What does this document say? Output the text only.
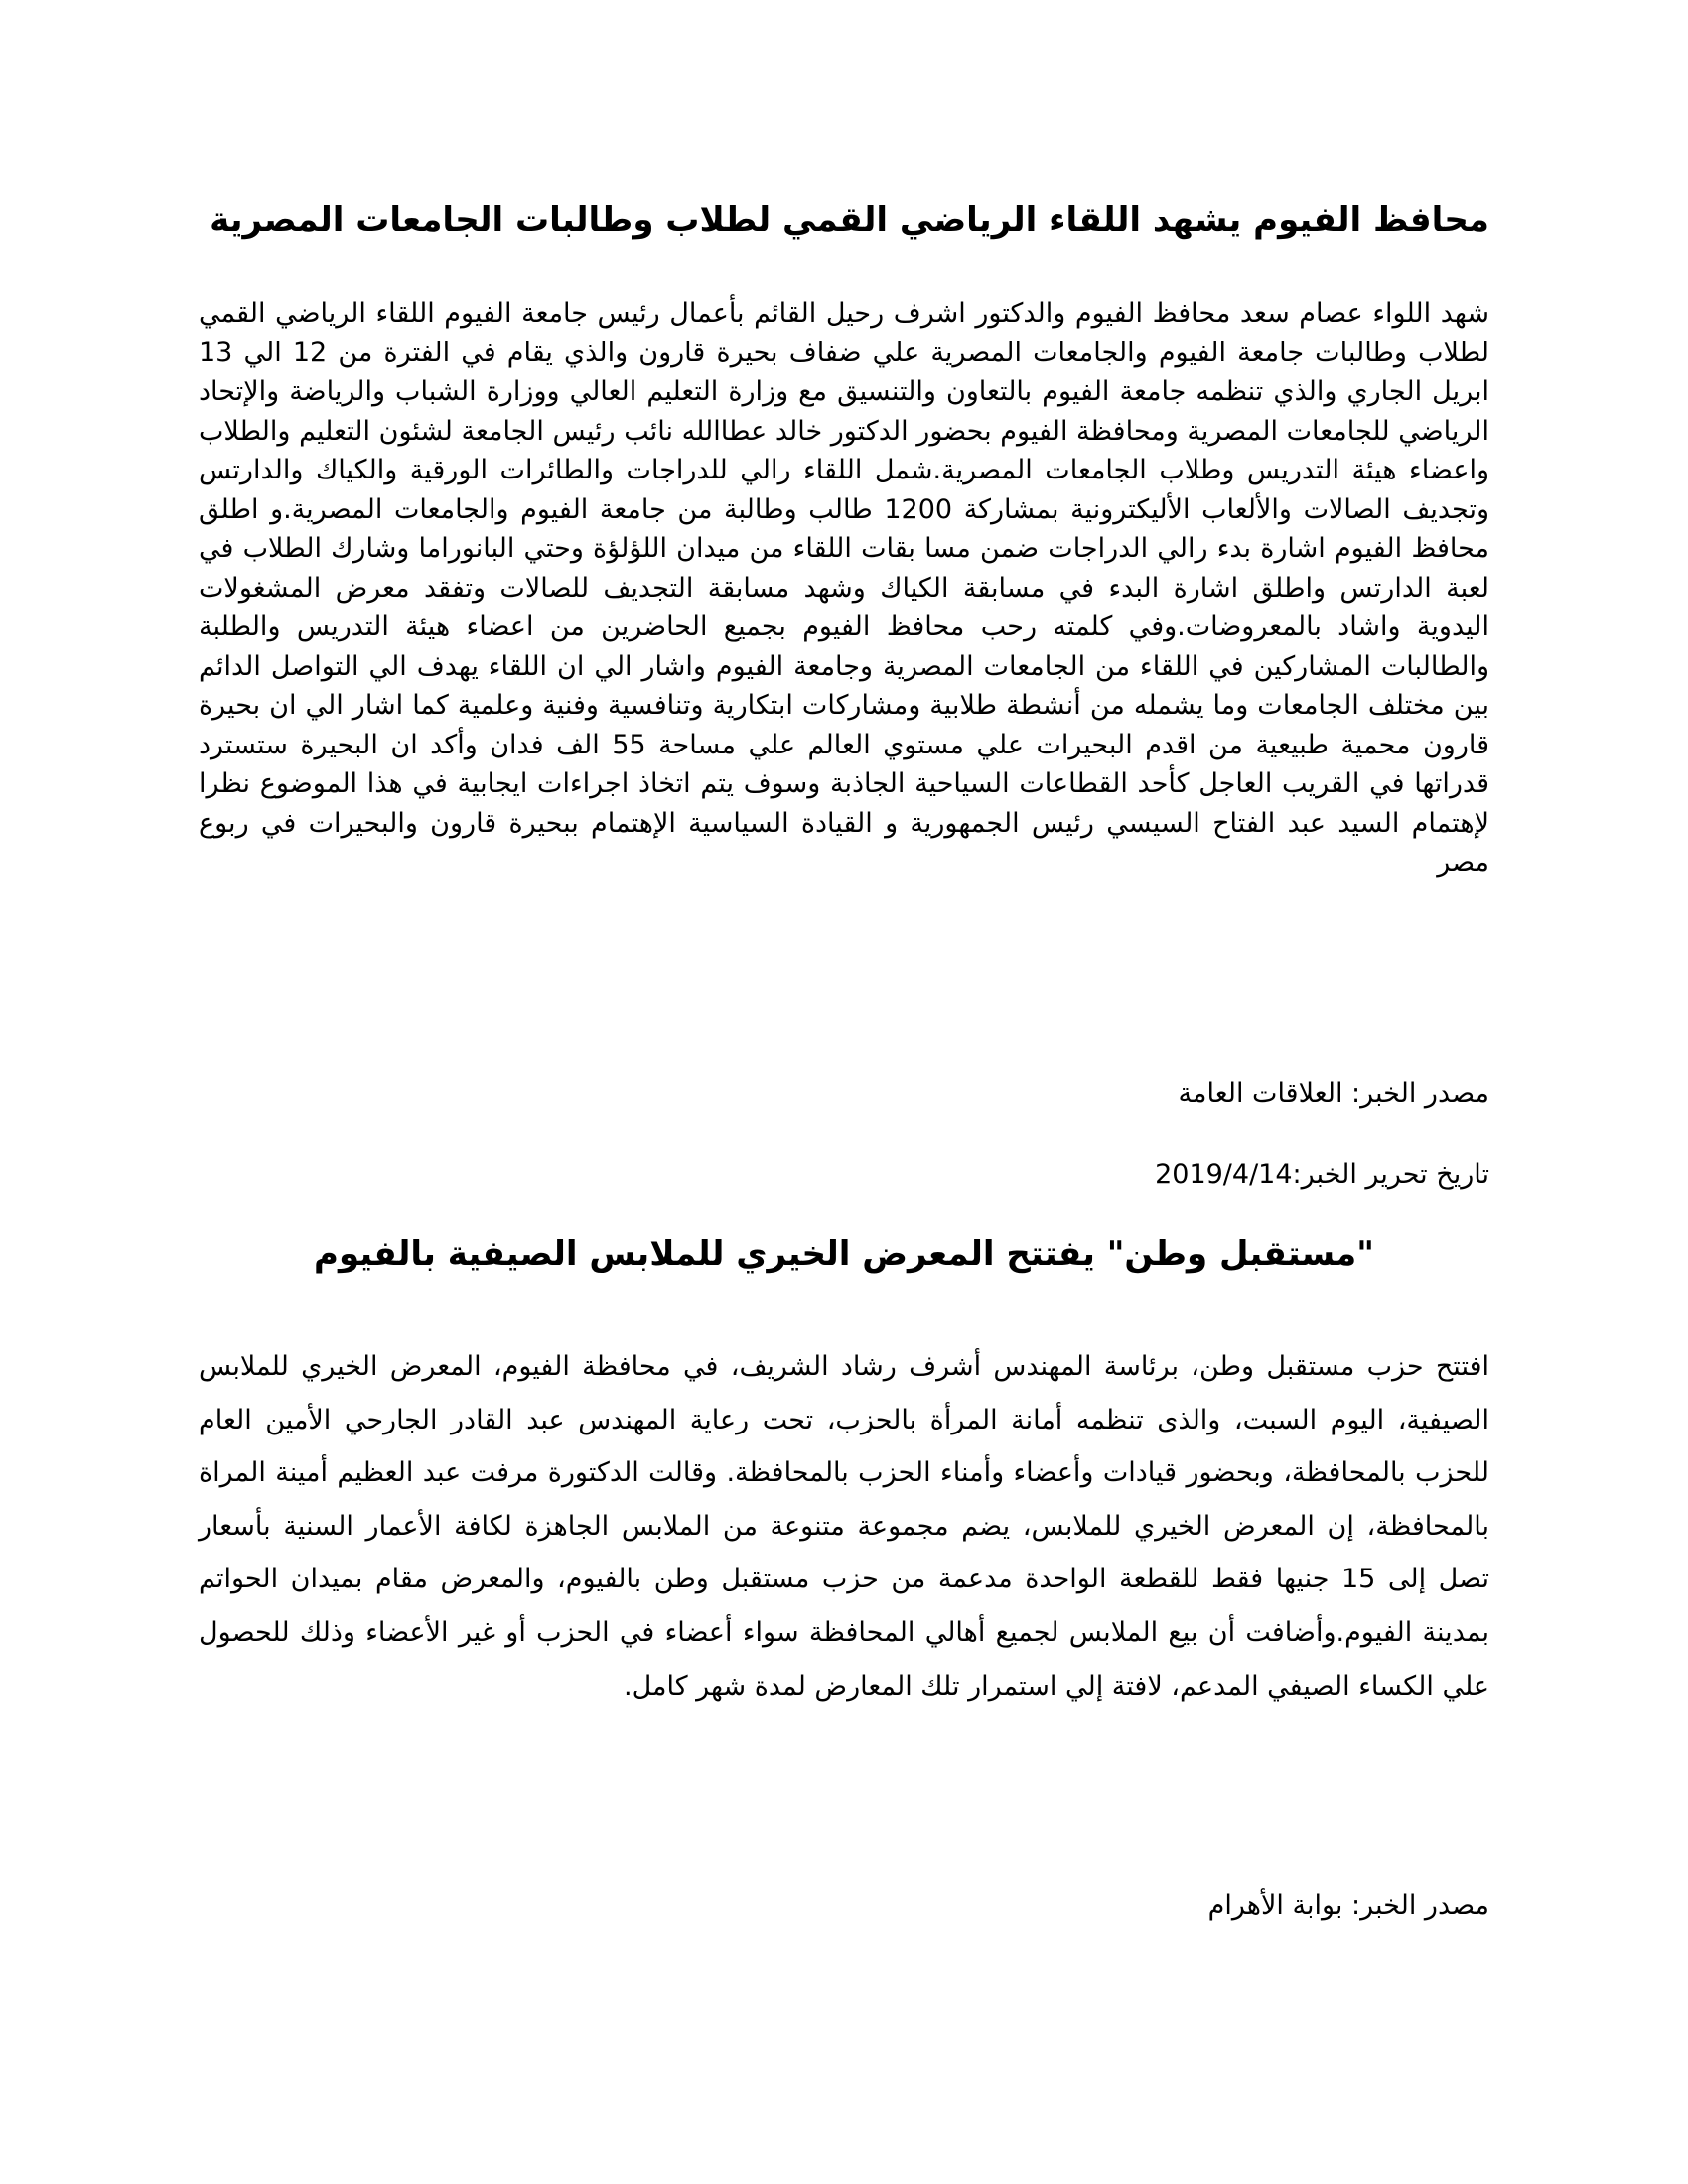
محافظ الفيوم يشهد اللقاء الرياضي القمي لطلاب وطالبات الجامعات المصرية

شهد اللواء عصام سعد محافظ الفيوم والدكتور اشرف رحيل القائم بأعمال رئيس جامعة الفيوم اللقاء الرياضي القمي لطلاب وطالبات جامعة الفيوم والجامعات المصرية علي ضفاف بحيرة قارون والذي يقام في الفترة من 12 الي 13 ابريل الجاري والذي تنظمه جامعة الفيوم بالتعاون والتنسيق مع وزارة التعليم العالي ووزارة الشباب والرياضة والإتحاد الرياضي للجامعات المصرية ومحافظة الفيوم بحضور الدكتور خالد عطاالله نائب رئيس الجامعة لشئون التعليم والطلاب واعضاء هيئة التدريس وطلاب الجامعات المصرية.شمل اللقاء رالي للدراجات والطائرات الورقية والكياك والدارتس وتجديف الصالات والألعاب الأليكترونية بمشاركة 1200 طالب وطالبة من جامعة الفيوم والجامعات المصرية.و اطلق محافظ الفيوم اشارة بدء رالي الدراجات ضمن مسا بقات اللقاء من ميدان اللؤلؤة وحتي البانوراما وشارك الطلاب في لعبة الدارتس واطلق اشارة البدء في مسابقة الكياك وشهد مسابقة التجديف للصالات وتفقد معرض المشغولات اليدوية واشاد بالمعروضات.وفي كلمته رحب محافظ الفيوم بجميع الحاضرين من اعضاء هيئة التدريس والطلبة والطالبات المشاركين في اللقاء من الجامعات المصرية وجامعة الفيوم واشار الي ان اللقاء يهدف الي التواصل الدائم بين مختلف الجامعات وما يشمله من أنشطة طلابية ومشاركات ابتكارية وتنافسية وفنية وعلمية كما اشار الي ان بحيرة قارون محمية طبيعية من اقدم البحيرات علي مستوي العالم علي مساحة 55 الف فدان وأكد ان البحيرة ستسترد قدراتها في القريب العاجل كأحد القطاعات السياحية الجاذبة وسوف يتم اتخاذ اجراءات ايجابية في هذا الموضوع نظرا لإهتمام السيد عبد الفتاح السيسي رئيس الجمهورية و القيادة السياسية الإهتمام ببحيرة قارون والبحيرات في ربوع مصر

مصدر الخبر: العلاقات العامة

تاريخ تحرير الخبر:2019/4/14

"مستقبل وطن" يفتتح المعرض الخيري للملابس الصيفية بالفيوم

افتتح حزب مستقبل وطن، برئاسة المهندس أشرف رشاد الشريف، في محافظة الفيوم، المعرض الخيري للملابس الصيفية، اليوم السبت، والذى تنظمه أمانة المرأة بالحزب، تحت رعاية المهندس عبد القادر الجارحي الأمين العام للحزب بالمحافظة، وبحضور قيادات وأعضاء وأمناء الحزب بالمحافظة. وقالت الدكتورة مرفت عبد العظيم أمينة المراة بالمحافظة، إن المعرض الخيري للملابس، يضم مجموعة متنوعة من الملابس الجاهزة لكافة الأعمار السنية بأسعار تصل إلى 15 جنيها فقط للقطعة الواحدة مدعمة من حزب مستقبل وطن بالفيوم، والمعرض مقام بميدان الحواتم بمدينة الفيوم.وأضافت أن بيع الملابس لجميع أهالي المحافظة سواء أعضاء في الحزب أو غير الأعضاء وذلك للحصول علي الكساء الصيفي المدعم، لافتة إلي استمرار تلك المعارض لمدة شهر كامل.

مصدر الخبر: بوابة الأهرام
